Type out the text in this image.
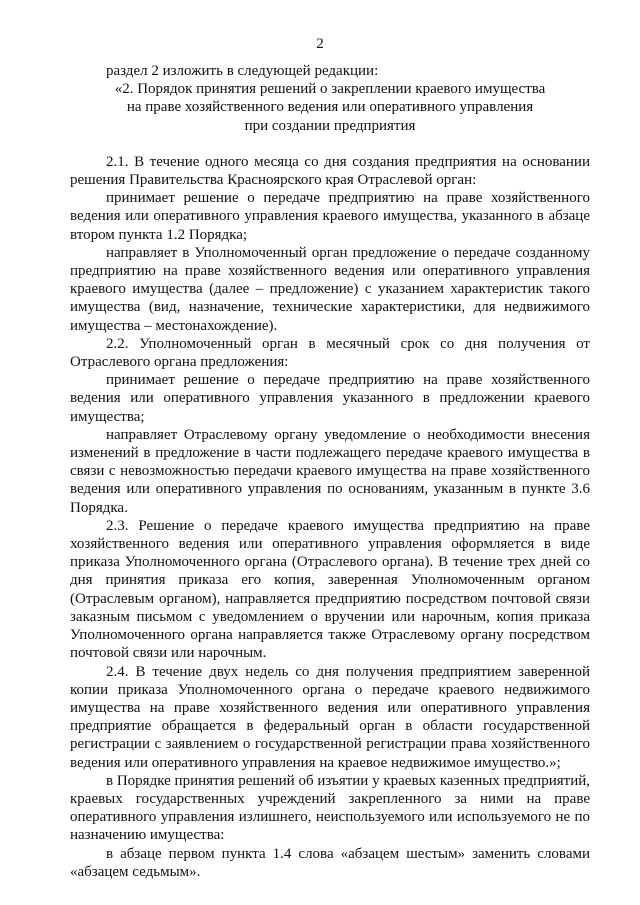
2
раздел 2 изложить в следующей редакции:
«2. Порядок принятия решений о закреплении краевого имущества
на праве хозяйственного ведения или оперативного управления
при создании предприятия

2.1. В течение одного месяца со дня создания предприятия на основании решения Правительства Красноярского края Отраслевой орган:

принимает решение о передаче предприятию на праве хозяйственного ведения или оперативного управления краевого имущества, указанного в абзаце втором пункта 1.2 Порядка;

направляет в Уполномоченный орган предложение о передаче созданному предприятию на праве хозяйственного ведения или оперативного управления краевого имущества (далее – предложение) с указанием характеристик такого имущества (вид, назначение, технические характеристики, для недвижимого имущества – местонахождение).

2.2. Уполномоченный орган в месячный срок со дня получения от Отраслевого органа предложения:

принимает решение о передаче предприятию на праве хозяйственного ведения или оперативного управления указанного в предложении краевого имущества;

направляет Отраслевому органу уведомление о необходимости внесения изменений в предложение в части подлежащего передаче краевого имущества в связи с невозможностью передачи краевого имущества на праве хозяйственного ведения или оперативного управления по основаниям, указанным в пункте 3.6 Порядка.

2.3. Решение о передаче краевого имущества предприятию на праве хозяйственного ведения или оперативного управления оформляется в виде приказа Уполномоченного органа (Отраслевого органа). В течение трех дней со дня принятия приказа его копия, заверенная Уполномоченным органом (Отраслевым органом), направляется предприятию посредством почтовой связи заказным письмом с уведомлением о вручении или нарочным, копия приказа Уполномоченного органа направляется также Отраслевому органу посредством почтовой связи или нарочным.

2.4. В течение двух недель со дня получения предприятием заверенной копии приказа Уполномоченного органа о передаче краевого недвижимого имущества на праве хозяйственного ведения или оперативного управления предприятие обращается в федеральный орган в области государственной регистрации с заявлением о государственной регистрации права хозяйственного ведения или оперативного управления на краевое недвижимое имущество.»;

в Порядке принятия решений об изъятии у краевых казенных предприятий, краевых государственных учреждений закрепленного за ними на праве оперативного управления излишнего, неиспользуемого или используемого не по назначению имущества:

в абзаце первом пункта 1.4 слова «абзацем шестым» заменить словами «абзацем седьмым».
